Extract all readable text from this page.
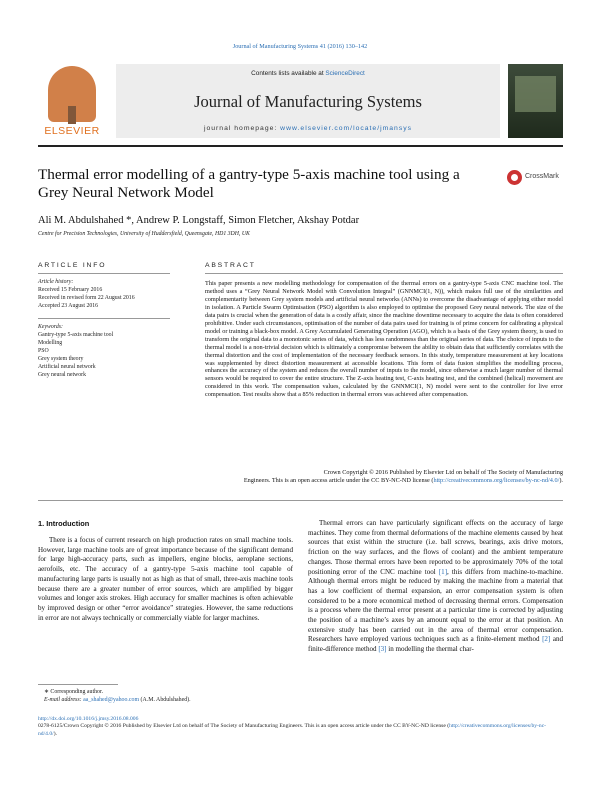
Journal of Manufacturing Systems 41 (2016) 130–142
ELSEVIER
Contents lists available at ScienceDirect
Journal of Manufacturing Systems
journal homepage: www.elsevier.com/locate/jmansys
Thermal error modelling of a gantry-type 5-axis machine tool using a Grey Neural Network Model
CrossMark
Ali M. Abdulshahed *, Andrew P. Longstaff, Simon Fletcher, Akshay Potdar
Centre for Precision Technologies, University of Huddersfield, Queensgate, HD1 3DH, UK
ARTICLE INFO
Article history:
Received 15 February 2016
Received in revised form 22 August 2016
Accepted 23 August 2016
Keywords:
Gantry-type 5-axis machine tool
Modelling
PSO
Grey system theory
Artificial neural network
Grey neural network
ABSTRACT
This paper presents a new modelling methodology for compensation of the thermal errors on a gantry-type 5-axis CNC machine tool. The method uses a “Grey Neural Network Model with Convolution Integral” (GNNMCI(1, N)), which makes full use of the similarities and complementarity between Grey system models and artificial neural networks (ANNs) to overcome the disadvantage of applying either model in isolation. A Particle Swarm Optimisation (PSO) algorithm is also employed to optimise the proposed Grey neural network. The size of the data pairs is crucial when the generation of data is a costly affair, since the machine downtime necessary to acquire the data is often considered prohibitive. Under such circumstances, optimisation of the number of data pairs used for training is of prime concern for calibrating a physical model or training a black-box model. A Grey Accumulated Generating Operation (AGO), which is a basis of the Grey system theory, is used to transform the original data to a monotonic series of data, which has less randomness than the original series of data. The choice of inputs to the thermal model is a non-trivial decision which is ultimately a compromise between the ability to obtain data that sufficiently correlates with the thermal distortion and the cost of implementation of the necessary feedback sensors. In this study, temperature measurement at key locations was supplemented by direct distortion measurement at accessible locations. This form of data fusion simplifies the modelling process, enhances the accuracy of the system and reduces the overall number of inputs to the model, since otherwise a much larger number of thermal sensors would be required to cover the entire structure. The Z-axis heating test, C-axis heating test, and the combined (helical) movement are considered in this work. The compensation values, calculated by the GNNMCI(1, N) model were sent to the controller for live error compensation. Test results show that a 85% reduction in thermal errors was achieved after compensation.
Crown Copyright © 2016 Published by Elsevier Ltd on behalf of The Society of Manufacturing
Engineers. This is an open access article under the CC BY-NC-ND license (http://creativecommons.org/licenses/by-nc-nd/4.0/).
1. Introduction
There is a focus of current research on high production rates on small machine tools. However, large machine tools are of great importance because of the significant demand for large high-accuracy parts, such as impellers, engine blocks, aeroplane sections, aerofoils, etc. The accuracy of a gantry-type 5-axis machine tool capable of manufacturing large parts is usually not as high as that of small, three-axis machine tools because there are a greater number of error sources, which are amplified by bigger volumes and longer axis strokes. High accuracy for smaller machines is often achievable by improved design or other “error avoidance” strategies. However, the same reductions in error are not always technically or commercially viable for larger machines.
Thermal errors can have particularly significant effects on the accuracy of large machines. They come from thermal deformations of the machine elements caused by heat sources that exist within the structure (i.e. ball screws, bearings, axis drive motors, friction on the way surfaces, and the flows of coolant) and the ambient temperature changes. Those thermal errors have been reported to be approximately 70% of the total positioning error of the CNC machine tool [1], this differs from machine-to-machine. Although thermal errors might be reduced by making the machine from a material that has a low coefficient of thermal expansion, an error compensation system is often considered to be a more economical method of decreasing thermal errors. Compensation is a process where the thermal error present at a particular time is corrected by adjusting the position of a machine’s axes by an amount equal to the error at that position. An extensive study has been carried out in the area of thermal error compensation. Researchers have employed various techniques such as a finite-element method [2] and finite-difference method [3] in modelling the thermal char-
∗ Corresponding author.
E-mail address: aa_shahed@yahoo.com (A.M. Abdulshahed).
http://dx.doi.org/10.1016/j.jmsy.2016.08.006
0278-6125/Crown Copyright © 2016 Published by Elsevier Ltd on behalf of The Society of Manufacturing Engineers. This is an open access article under the CC BY-NC-ND license (http://creativecommons.org/licenses/by-nc-nd/4.0/).
